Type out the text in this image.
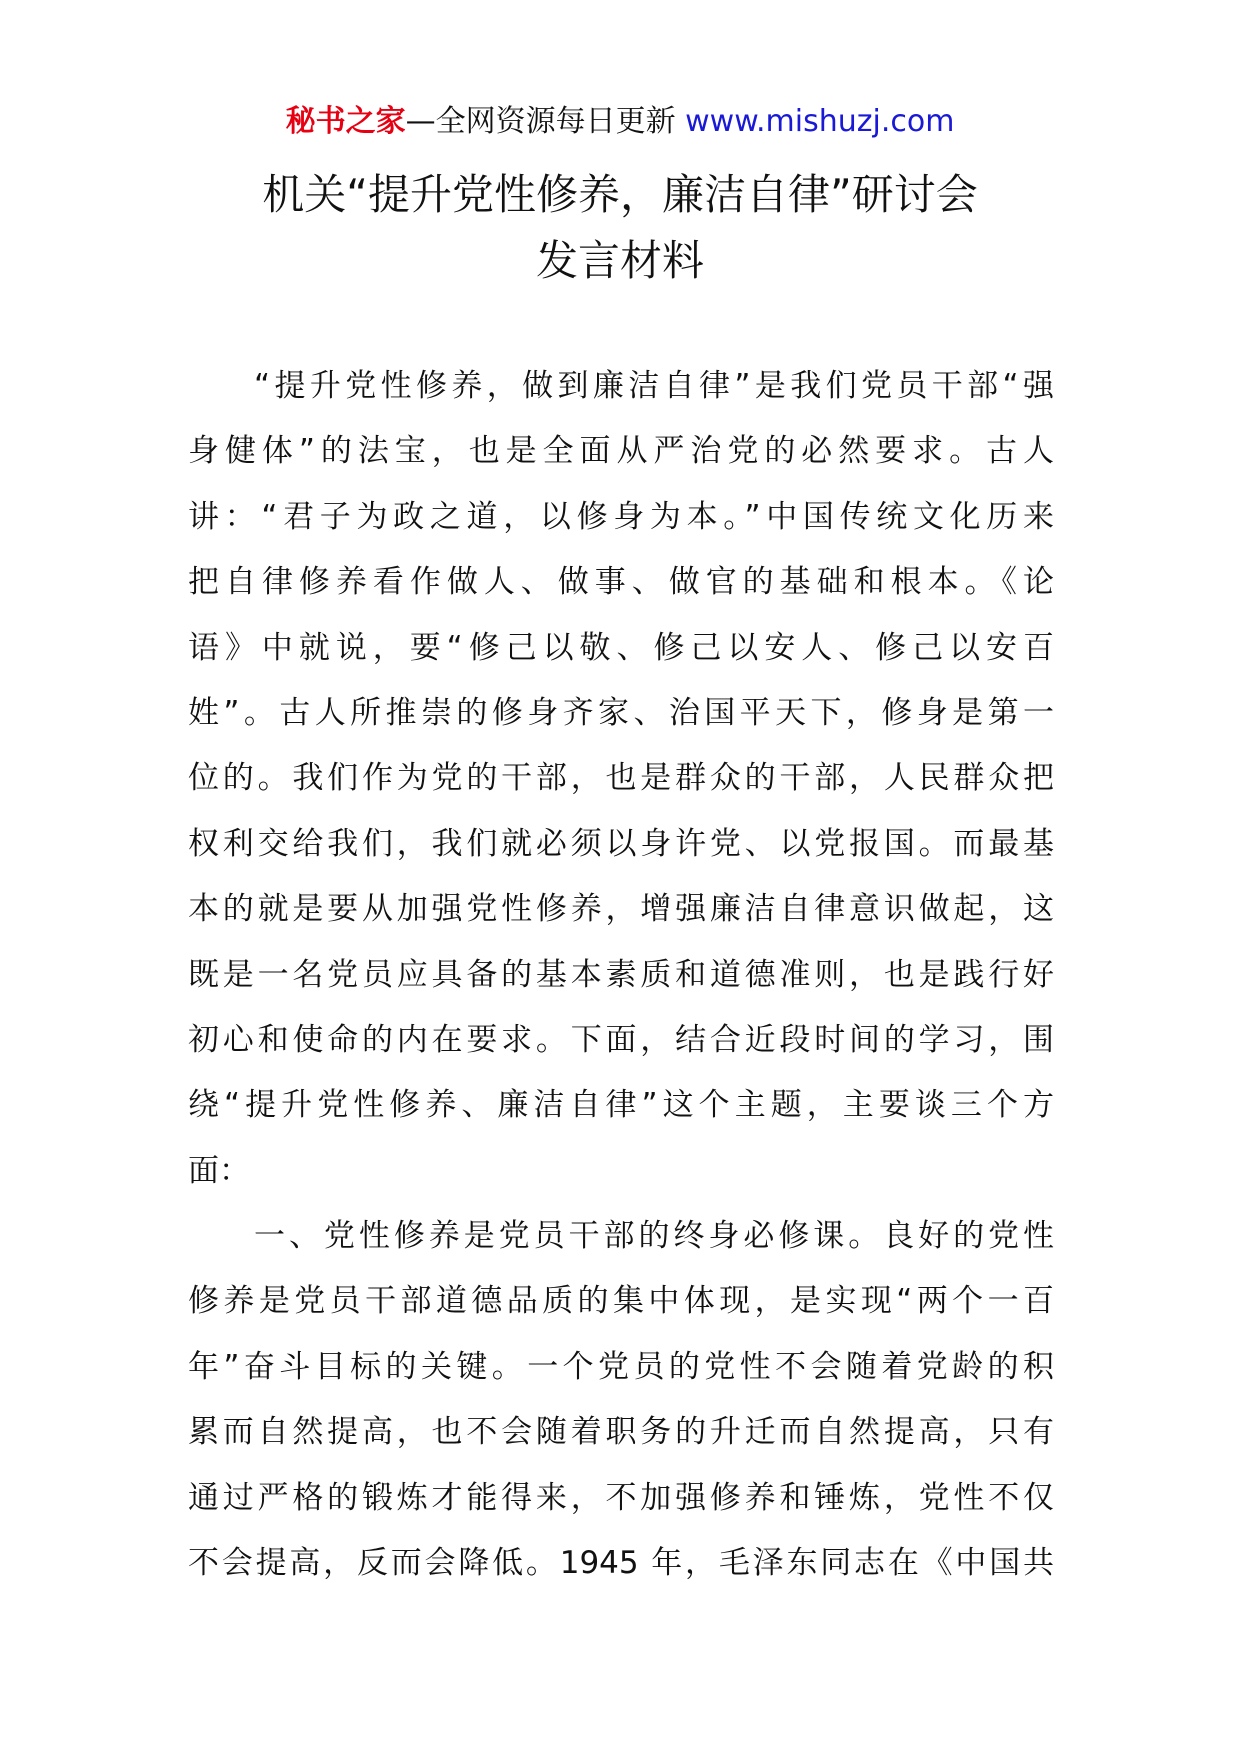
秘书之家—全网资源每日更新 www.mishuzj.com
机关“提升党性修养，廉洁自律”研讨会
发言材料
“提升党性修养，做到廉洁自律”是我们党员干部“强
身健体”的法宝，也是全面从严治党的必然要求。古人
讲：“君子为政之道，以修身为本。”中国传统文化历来
把自律修养看作做人、做事、做官的基础和根本。《论
语》中就说，要“修己以敬、修己以安人、修己以安百
姓”。古人所推崇的修身齐家、治国平天下，修身是第一
位的。我们作为党的干部，也是群众的干部，人民群众把
权利交给我们，我们就必须以身许党、以党报国。而最基
本的就是要从加强党性修养，增强廉洁自律意识做起，这
既是一名党员应具备的基本素质和道德准则，也是践行好
初心和使命的内在要求。下面，结合近段时间的学习，围
绕“提升党性修养、廉洁自律”这个主题，主要谈三个方
面：
一、党性修养是党员干部的终身必修课。良好的党性
修养是党员干部道德品质的集中体现，是实现“两个一百
年”奋斗目标的关键。一个党员的党性不会随着党龄的积
累而自然提高，也不会随着职务的升迁而自然提高，只有
通过严格的锻炼才能得来，不加强修养和锤炼，党性不仅
不会提高，反而会降低。1945 年，毛泽东同志在《中国共
